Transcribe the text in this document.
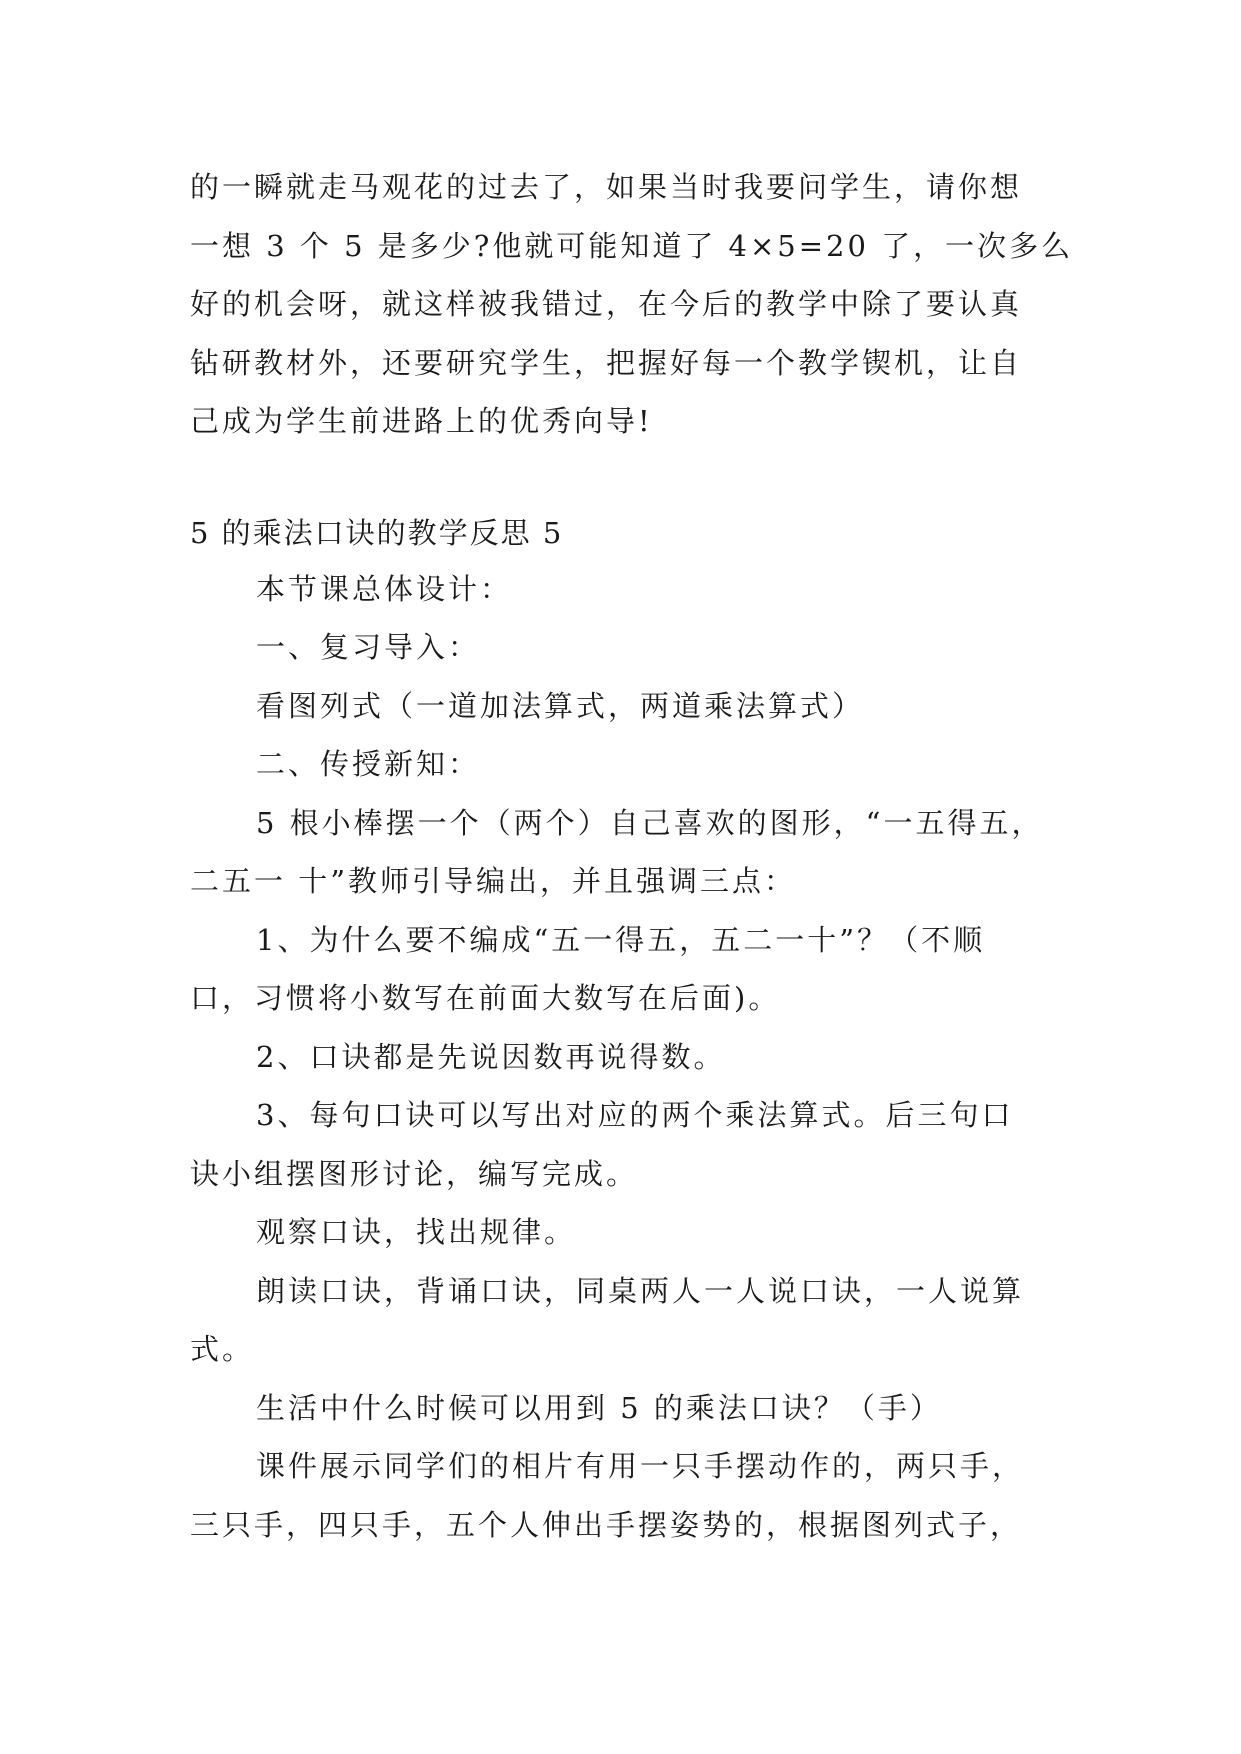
的一瞬就走马观花的过去了，如果当时我要问学生，请你想
一想 3 个 5 是多少?他就可能知道了 4×5=20 了，一次多么
好的机会呀，就这样被我错过，在今后的教学中除了要认真
钻研教材外，还要研究学生，把握好每一个教学锲机，让自
己成为学生前进路上的优秀向导!
5 的乘法口诀的教学反思 5
本节课总体设计：
一、复习导入：
看图列式（一道加法算式，两道乘法算式）
二、传授新知：
5 根小棒摆一个（两个）自己喜欢的图形，“一五得五，
二五一 十”教师引导编出，并且强调三点：
1、为什么要不编成“五一得五，五二一十”？（不顺
口，习惯将小数写在前面大数写在后面)。
2、口诀都是先说因数再说得数。
3、每句口诀可以写出对应的两个乘法算式。后三句口
诀小组摆图形讨论，编写完成。
观察口诀，找出规律。
朗读口诀，背诵口诀，同桌两人一人说口诀，一人说算
式。
生活中什么时候可以用到 5 的乘法口诀？（手）
课件展示同学们的相片有用一只手摆动作的，两只手，
三只手，四只手，五个人伸出手摆姿势的，根据图列式子，
